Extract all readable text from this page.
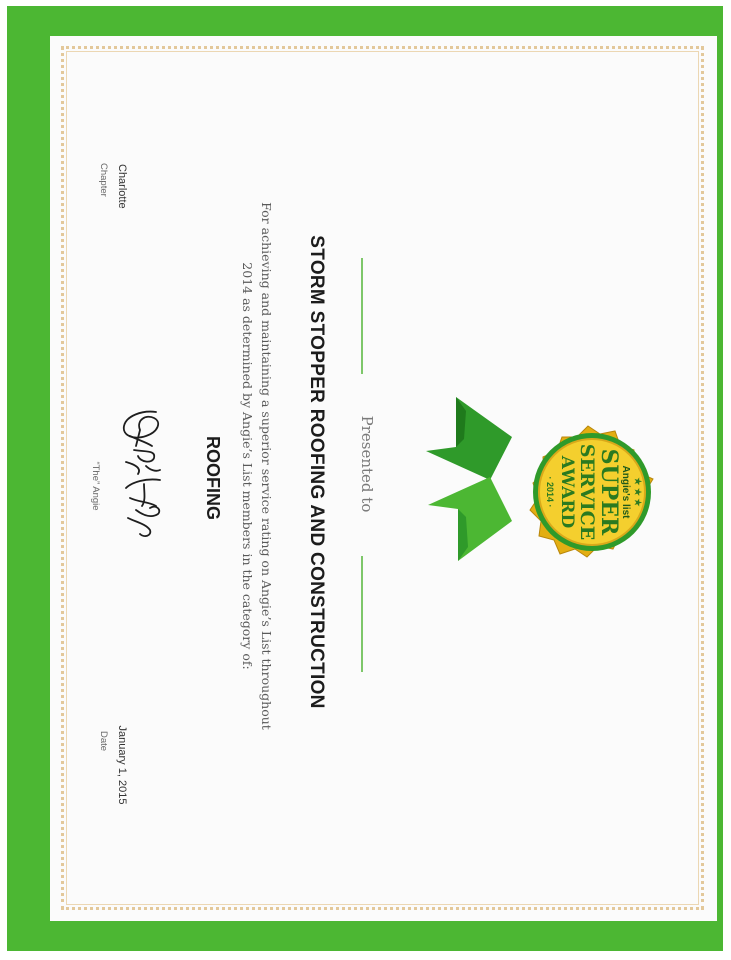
STORM STOPPER ROOFING AND CONSTRUCTION Presented to
For achieving and maintaining a superior service rating on Angie’s List throughout
2014 as determined by Angie’s List members in the category of:
ROOFING
Charlotte
Chapter
“The” Angie
January 1, 2015
Date
★ ★ ★
Angie's list
SUPER
SERVICE
AWARD
· 2014 ·
